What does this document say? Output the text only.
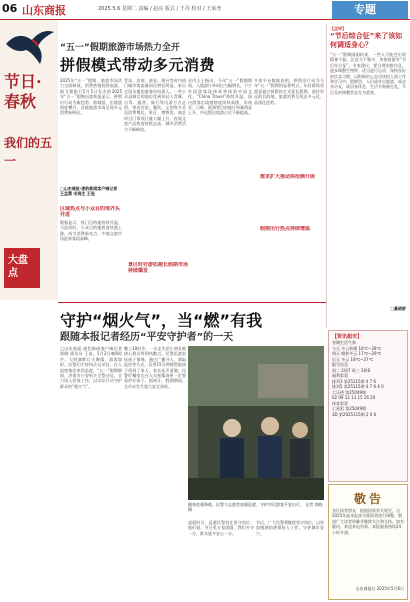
06 山东商报	2025.5.6 星期二 责编 / 赵亮 版式 / 王丹 校对 / 王承尧	专题
节日·春秋
我们的五一
大盘点
“五一”假期旅游市场热力全开
拼假模式带动多元消费
2025年“五一”假期，旅游市场活力全面释放。消费热情持续高涨。据飞猪旅行5月5日发布的2025年“五一”假期出游快报显示，拼假出行成为新趋势，跨城游、出境游热度攀升，各地旅游市场呈现多元消费新格局。
□山东商报·速豹新闻客户端记者 王孟霏 宋鸿生 王冠
区域热点与小众目的地齐头并进
数据显示，热门目的地持续升温，与此同时，小众目的地热度快速上涨，成为消费新亮点，多地文旅市场迎来客流高峰。
青岛、济南、泰安、烟台等省内热门城市客流量同比增长明显。来自全国各地的游客纷纷涌入。一些小众县域目的地也受到年轻人青睐，自驾、露营、骑行等出游方式走俏，带动住宿、餐饮、文创等多业态消费增长。景区、博物馆、演艺项目门票预订量大幅上升，夜间文旅产品热度持续走高，城市消费活力不断释放。
景区时好游如越长假期市场持续爆发
业内人士指出，今年“五一”假期期间，入境游订单同比大幅增长，不少外国游客选择来华体验中国文化，“China Travel”持续升温。国内游客出境游热度同样高涨，东南亚、日韩、欧洲等目的地订单量明显上升，中远程出境游占比不断提高。
多家平台数据表明，拼假出行成为今年“五一”假期的显著特点，年轻群体更愿意通过拼假的方式延长假期，前往更远的目的地，旅游消费呈现出多元化、品质化趋势。
需求扩大推动供给侧升级
假期出行热点持续增温
【点评】
“节后综合征”来了该如何调适身心？
“五一”假期刚刚结束，一些人可能会出现精神不振、注意力不集中、身体疲惫等“节后综合征”。专家建议，要合理安排作息，逐步调整生物钟，适当进行运动，保持良好的饮食习惯，以积极的心态尽快投入到工作和学习中。假期里，人们或外出旅游，或走亲访友，或居家休息，生活节奏被打乱，节后及时调整状态尤为重要。
□綦晓舒
【资讯超市】
省城生活气象
今天 多云转晴 16℃~28℃
明天 晴转多云 17℃~29℃
后天 多云 18℃~27℃
限号信息
周二 2和7 周三 3和8
福利彩票
排列3 第25115期 4 7 6
排列5 第25115期 4 7 6 4 0
大乐透 第25049期
02 09 12 13 15 16 20
体育彩票
七星彩 第25049期
3D 第2025115期 2 0 6
敬告
各位读者朋友：根据国家有关规定，自2025年起本报部分版面将进行调整，敬请广大读者谅解并继续关注和支持。如有疑问，欢迎来电咨询。本报服务热线24小时开通。
山东商报社 2025年5月6日
守护“烟火气”，当“燃”有我
跟随本报记者经历“平安守护者”的一天
□山东商报·速豹新闻客户端记者 郭晓 通讯员 王某。5月2日晚8时许，大明湖畔灯火璀璨，游客如织。民警们手持执法记录仪，在人流密集处来回巡逻。“五一”假期期间，济南市公安机关全警动员，全力投入安保工作，以实际行动守护群众的“烟火气”。
晚上10时许，一名走失的小朋友被热心群众带到执勤点。民警迅速安抚孩子情绪，通过广播寻人、调取监控等方式，仅用15分钟便帮助孩子找到了家人。家长连声道谢，民警叮嘱家长在人员密集场所一定要看护好孩子。据统计，假期期间，全市未发生重大安全事故。
随着夜幕降临，民警与志愿者加强巡逻，守护市民游客平安出行。 记者 郭晓 摄
凌晨时分，巡逻民警仍在坚守岗位。他们说，节日里万家团圆，我们多守一分，群众就多安心一分。
节后，广大民警将继续坚守岗位，以更加饱满的热情投入工作，守护城市安宁。
